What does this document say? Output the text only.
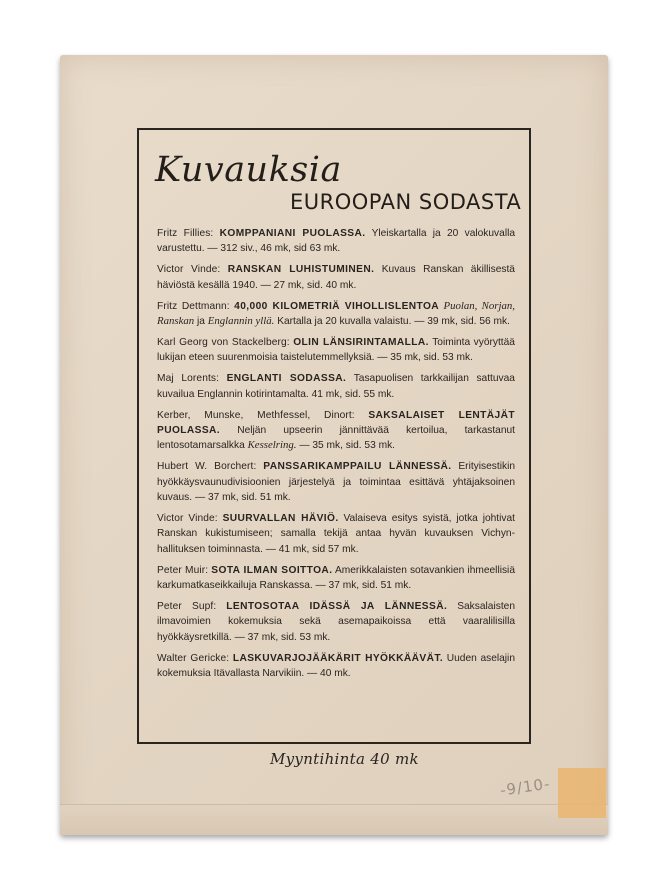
-9/10-
Kuvauksia
EUROOPAN SODASTA
Fritz Fillies: KOMPPANIANI PUOLASSA. Yleiskartalla ja 20 valokuvalla varustettu. — 312 siv., 46 mk, sid 63 mk.
Victor Vinde: RANSKAN LUHISTUMINEN. Kuvaus Ranskan äkillisestä häviöstä kesällä 1940. — 27 mk, sid. 40 mk.
Fritz Dettmann: 40,000 KILOMETRIÄ VIHOLLISLENTOA Puolan, Norjan, Ranskan ja Englannin yllä. Kartalla ja 20 kuvalla valaistu. — 39 mk, sid. 56 mk.
Karl Georg von Stackelberg: OLIN LÄNSIRINTAMALLA. Toiminta vyöryttää lukijan eteen suurenmoisia taistelutemmellyksiä. — 35 mk, sid. 53 mk.
Maj Lorents: ENGLANTI SODASSA. Tasapuolisen tarkkailijan sattuvaa kuvailua Englannin kotirintamalta. 41 mk, sid. 55 mk.
Kerber, Munske, Methfessel, Dinort: SAKSALAISET LENTÄJÄT PUOLASSA. Neljän upseerin jännittävää kertoilua, tarkastanut lentosotamarsalkka Kesselring. — 35 mk, sid. 53 mk.
Hubert W. Borchert: PANSSARIKAMPPAILU LÄNNESSÄ. Erityisestikin hyökkäysvaunudivisioonien järjestelyä ja toimintaa esittävä yhtäjaksoinen kuvaus. — 37 mk, sid. 51 mk.
Victor Vinde: SUURVALLAN HÄVIÖ. Valaiseva esitys syistä, jotka johtivat Ranskan kukistumiseen; samalla tekijä antaa hyvän kuvauksen Vichyn-hallituksen toiminnasta. — 41 mk, sid 57 mk.
Peter Muir: SOTA ILMAN SOITTOA. Amerikkalaisten sotavankien ihmeellisiä karkumatkaseikkailuja Ranskassa. — 37 mk, sid. 51 mk.
Peter Supf: LENTOSOTAA IDÄSSÄ JA LÄNNESSÄ. Saksalaisten ilmavoimien kokemuksia sekä asemapaikoissa että vaaralilisilla hyökkäysretkillä. — 37 mk, sid. 53 mk.
Walter Gericke: LASKUVARJOJÄÄKÄRIT HYÖKKÄÄVÄT. Uuden aselajin kokemuksia Itävallasta Narvikiin. — 40 mk.
Myyntihinta 40 mk
